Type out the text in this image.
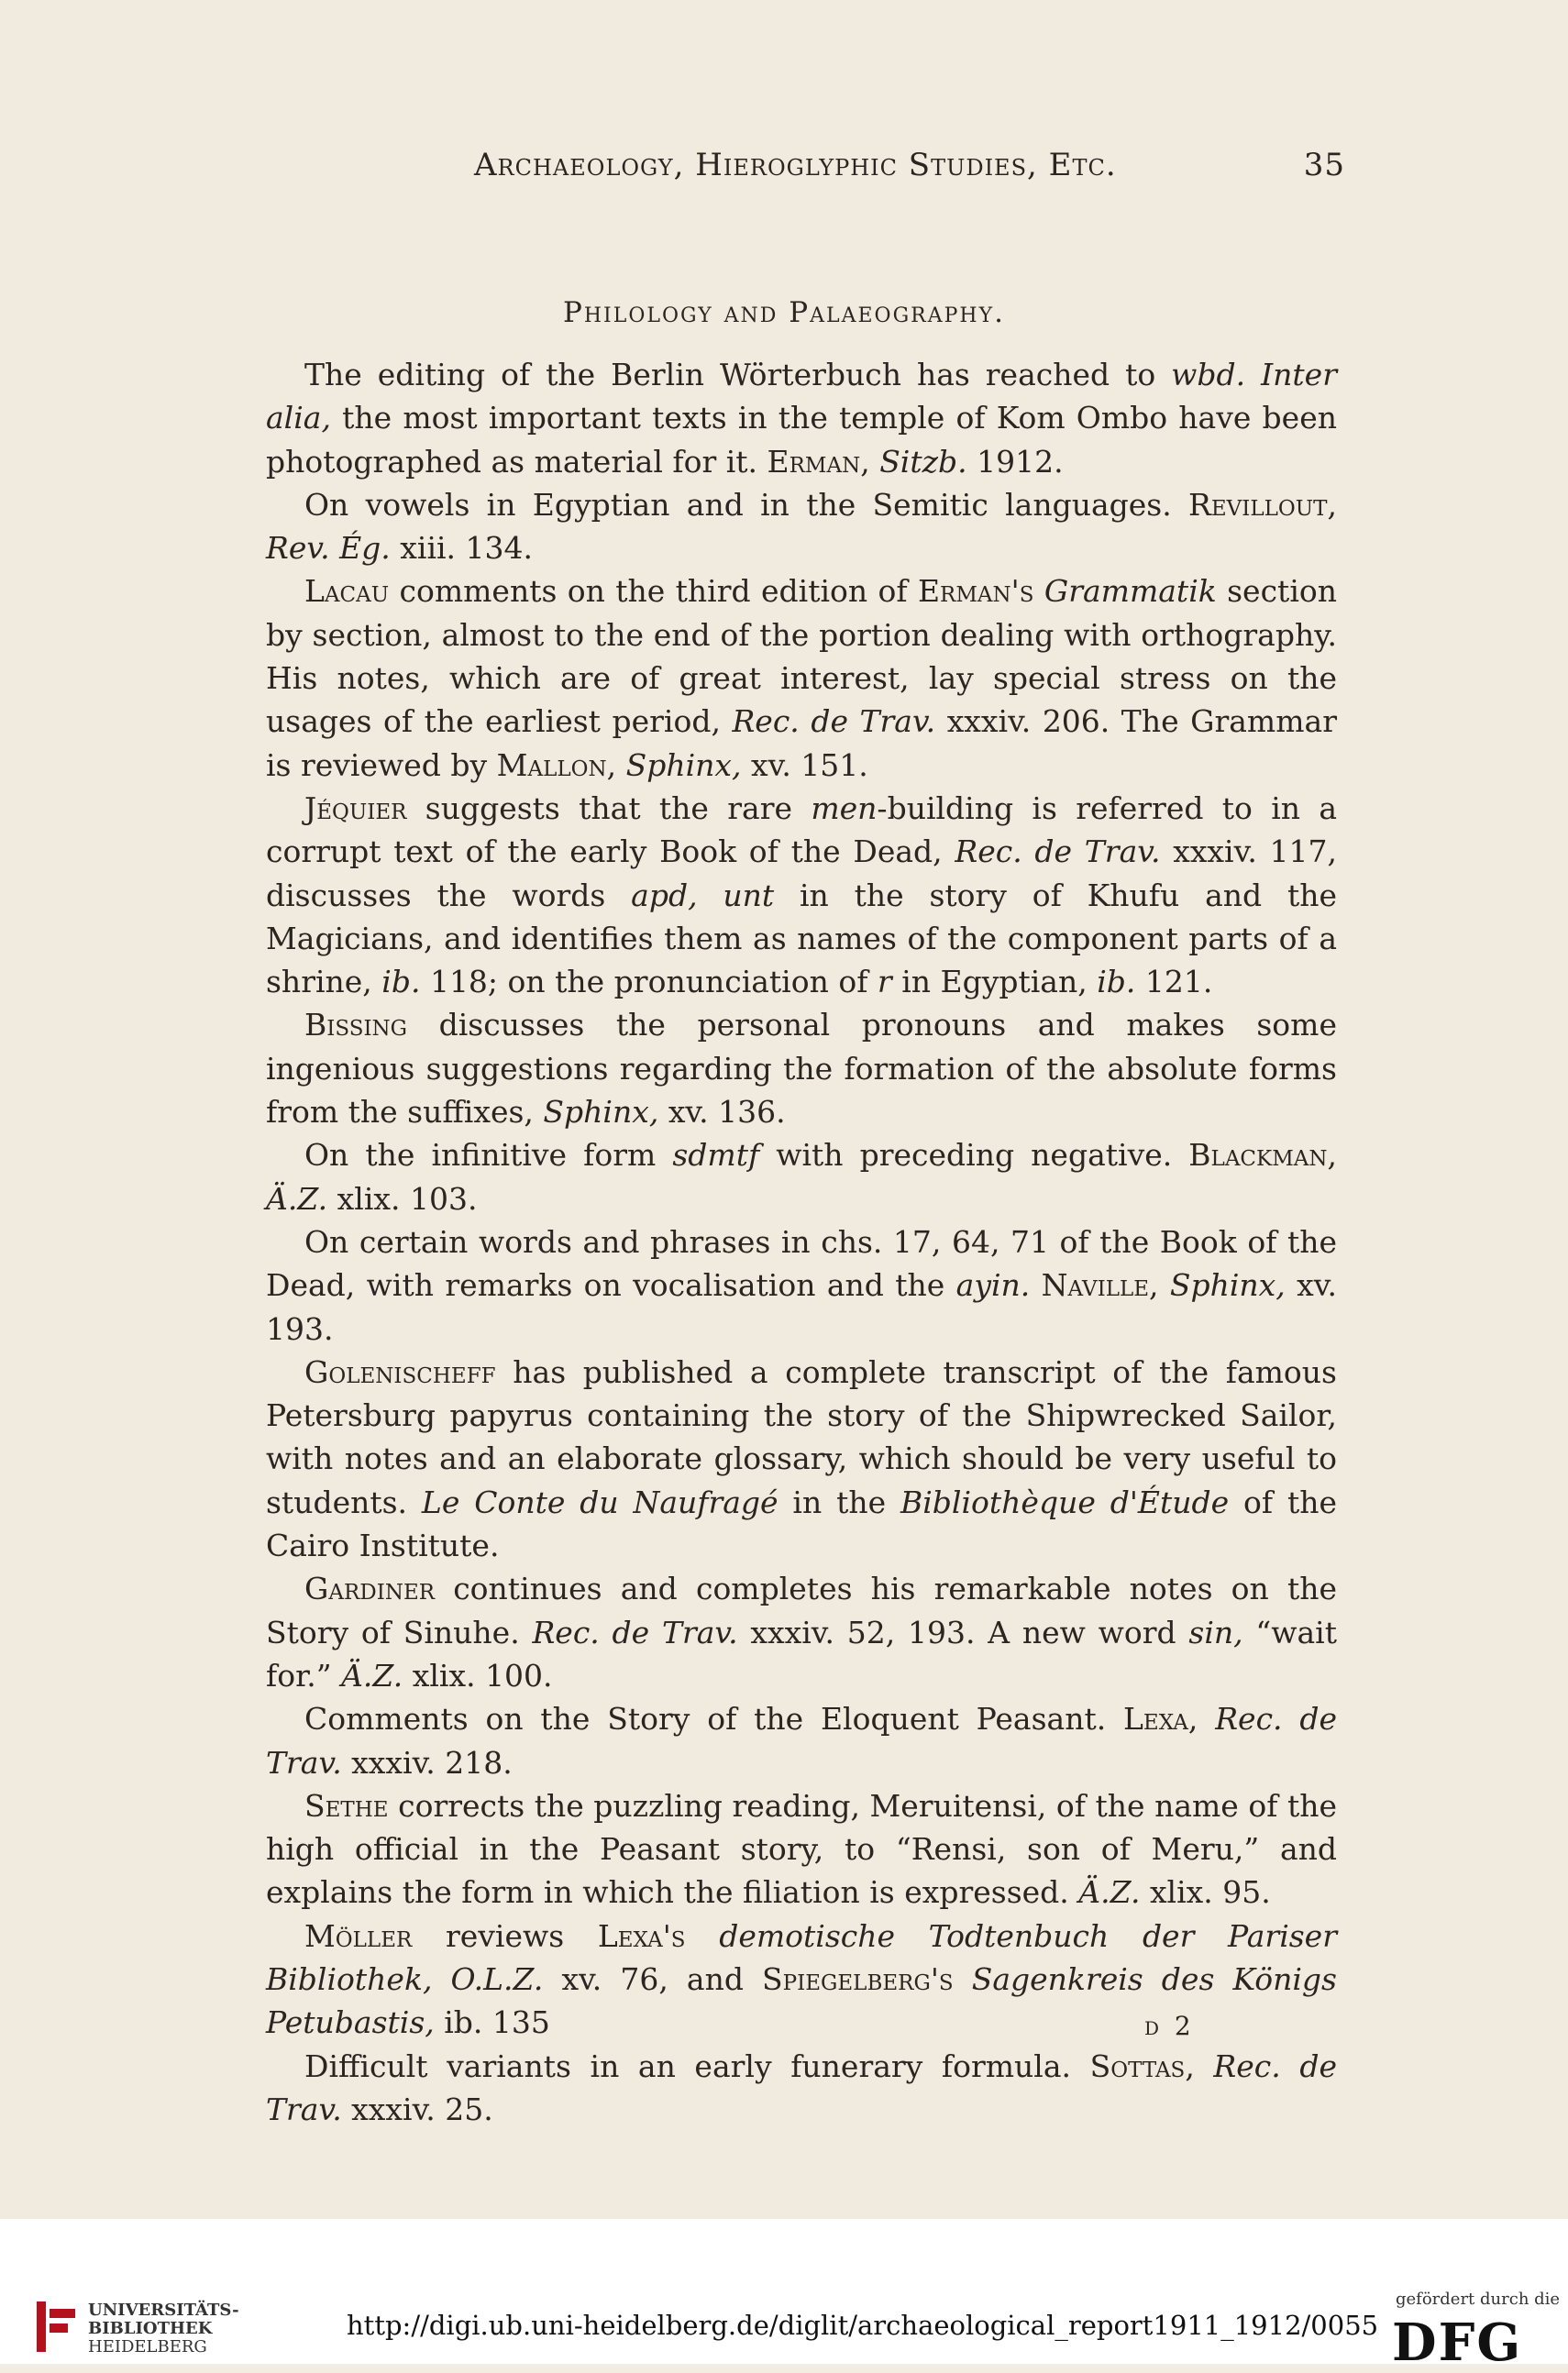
Archaeology, Hieroglyphic Studies, Etc.	35
Philology and Palaeography.

The editing of the Berlin Wörterbuch has reached to wbd. Inter alia, the most important texts in the temple of Kom Ombo have been photographed as material for it. Erman, Sitzb. 1912.

On vowels in Egyptian and in the Semitic languages. Revillout, Rev. Ég. xiii. 134.

Lacau comments on the third edition of Erman's Grammatik section by section, almost to the end of the portion dealing with orthography. His notes, which are of great interest, lay special stress on the usages of the earliest period, Rec. de Trav. xxxiv. 206. The Grammar is reviewed by Mallon, Sphinx, xv. 151.

Jéquier suggests that the rare men-building is referred to in a corrupt text of the early Book of the Dead, Rec. de Trav. xxxiv. 117, discusses the words apd, unt in the story of Khufu and the Magicians, and identifies them as names of the component parts of a shrine, ib. 118; on the pronunciation of r in Egyptian, ib. 121.

Bissing discusses the personal pronouns and makes some ingenious suggestions regarding the formation of the absolute forms from the suffixes, Sphinx, xv. 136.

On the infinitive form sdmtf with preceding negative. Blackman, Ä.Z. xlix. 103.

On certain words and phrases in chs. 17, 64, 71 of the Book of the Dead, with remarks on vocalisation and the ayin. Naville, Sphinx, xv. 193.

Golenischeff has published a complete transcript of the famous Petersburg papyrus containing the story of the Shipwrecked Sailor, with notes and an elaborate glossary, which should be very useful to students. Le Conte du Naufragé in the Bibliothèque d'Étude of the Cairo Institute.

Gardiner continues and completes his remarkable notes on the Story of Sinuhe. Rec. de Trav. xxxiv. 52, 193. A new word sin, “wait for.” Ä.Z. xlix. 100.

Comments on the Story of the Eloquent Peasant. Lexa, Rec. de Trav. xxxiv. 218.

Sethe corrects the puzzling reading, Meruitensi, of the name of the high official in the Peasant story, to “Rensi, son of Meru,” and explains the form in which the filiation is expressed. Ä.Z. xlix. 95.

Möller reviews Lexa's demotische Todtenbuch der Pariser Bibliothek, O.L.Z. xv. 76, and Spiegelberg's Sagenkreis des Königs Petubastis, ib. 135

Difficult variants in an early funerary formula. Sottas, Rec. de Trav. xxxiv. 25.

d 2
UNIVERSITÄTS-
BIBLIOTHEK
HEIDELBERG
http://digi.ub.uni-heidelberg.de/diglit/archaeological_report1911_1912/0055
gefördert durch die
DFG
